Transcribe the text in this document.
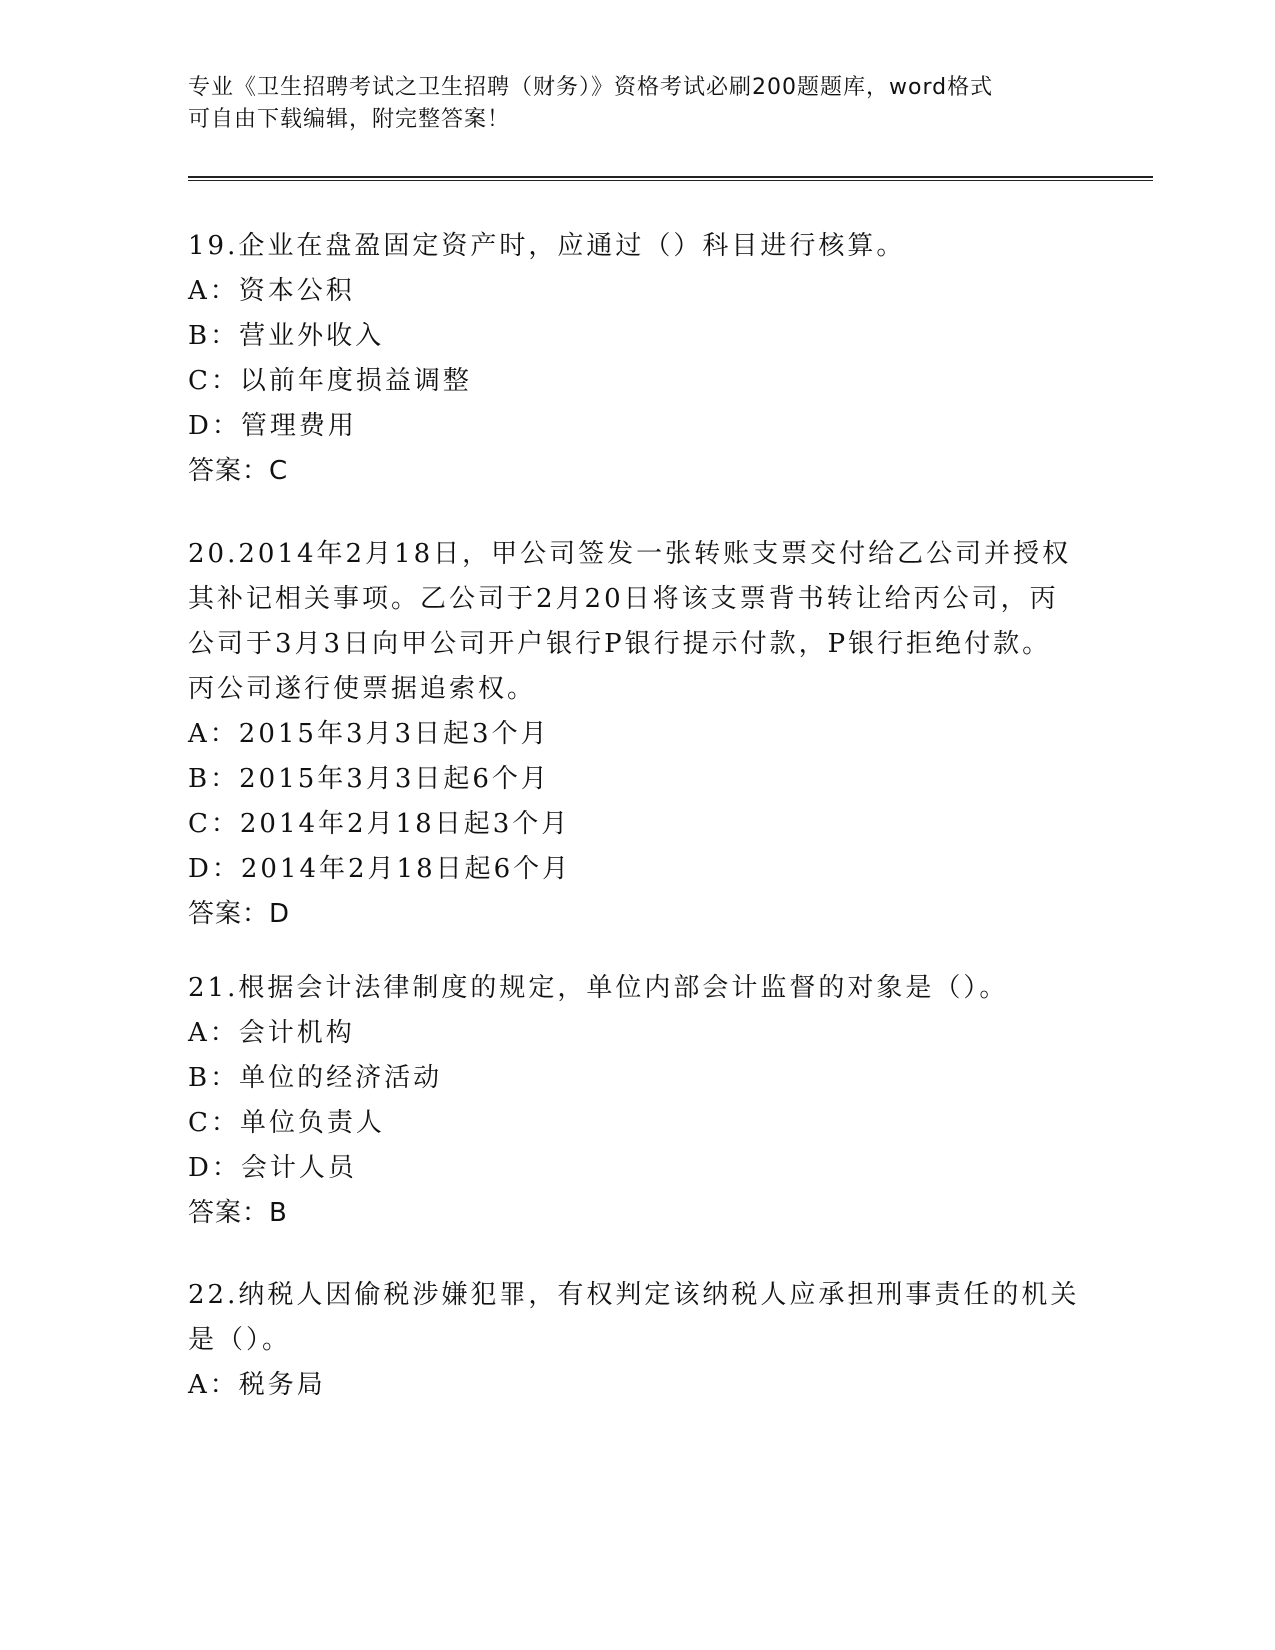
专业《卫生招聘考试之卫生招聘（财务）》资格考试必刷200题题库，word格式
可自由下载编辑，附完整答案！

19.企业在盘盈固定资产时，应通过（）科目进行核算。

A：资本公积

B：营业外收入

C：以前年度损益调整

D：管理费用

答案：C

20.2014年2月18日，甲公司签发一张转账支票交付给乙公司并授权

其补记相关事项。乙公司于2月20日将该支票背书转让给丙公司，丙

公司于3月3日向甲公司开户银行P银行提示付款，P银行拒绝付款。

丙公司遂行使票据追索权。

A：2015年3月3日起3个月

B：2015年3月3日起6个月

C：2014年2月18日起3个月

D：2014年2月18日起6个月

答案：D

21.根据会计法律制度的规定，单位内部会计监督的对象是（）。

A：会计机构

B：单位的经济活动

C：单位负责人

D：会计人员

答案：B

22.纳税人因偷税涉嫌犯罪，有权判定该纳税人应承担刑事责任的机关

是（）。

A：税务局
